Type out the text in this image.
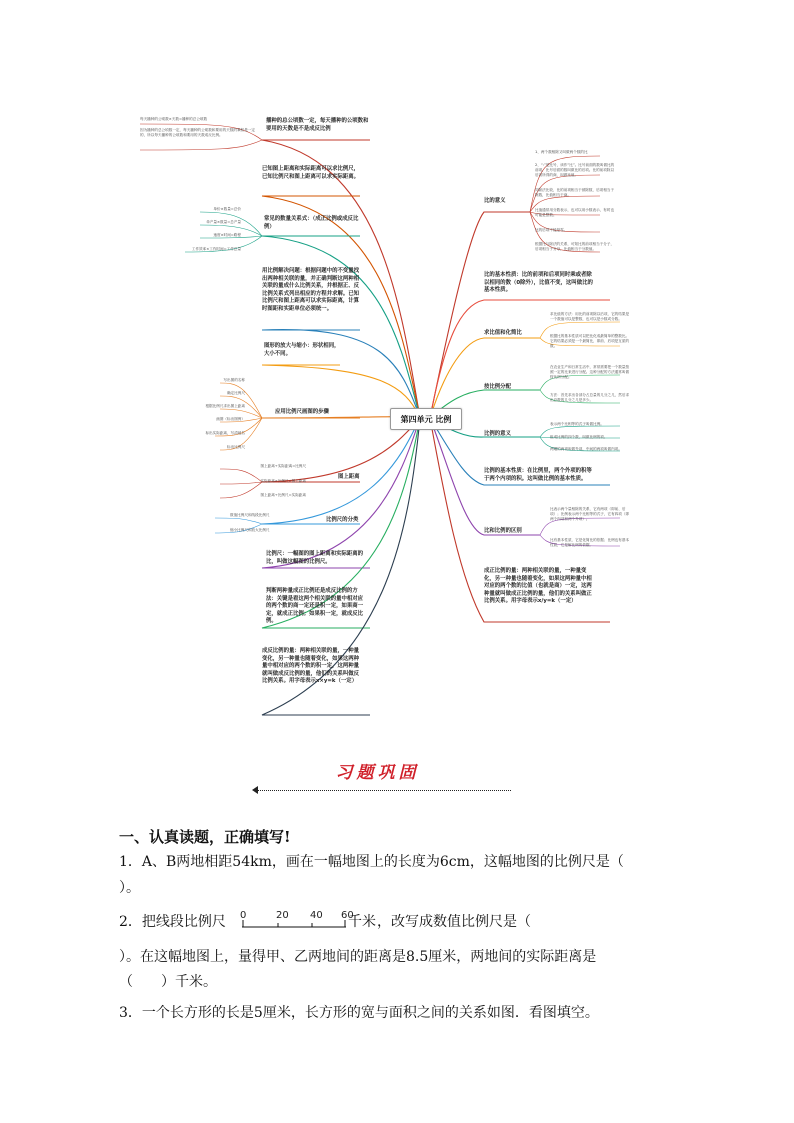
第四单元 比例
播种的总公顷数一定，每天播种的公顷数和要用的天数是不是成反比例
每天播种的公顷数×天数=播种的总公顷数
因为播种的总公顷数一定，每天播种的公顷数和要用的天数的乘积是一定的，所以每天播种的公顷数和要用的天数成反比例。
已知图上距离和实际距离可以求比例尺，已知比例尺和图上距离可以求实际距离。
常见的数量关系式：（成正比例或成反比例）
单价×数量=总价
单产量×数量=总产量
速度×时间=路程
工作效率×工作时间=工作总量
用比例解决问题：根据问题中的不变量找出两种相关联的量，并正确判断这两种相关联的量成什么比例关系，并根据正、反比例关系式列出相应的方程并求解。已知比例尺和图上距离可以求实际距离，计算时图距和实距单位必须统一。
图形的放大与缩小：形状相同，大小不同。
应用比例尺画图的步骤
写出图的名称
确定比例尺
根据比例尺求出图上距离
画图（标出图例）
标出实际距离，写清地名
标出比例尺
图上距离
图上距离÷实际距离=比例尺
实际距离×比例尺=图上距离
图上距离÷比例尺=实际距离
比例尺的分类
数值比例尺和线段比例尺
缩小比例尺和放大比例尺
比例尺：一幅图的图上距离和实际距离的比，叫做这幅图的比例尺。
判断两种量成正比例还是成反比例的方法：关键是看这两个相关联的量中相对应的两个数的商一定还是积一定，如果商一定，就成正比例；如果积一定，就成反比例。
成反比例的量：两种相关联的量，一种量变化，另一种量也随着变化，如果这两种量中相对应的两个数的积一定，这两种量就叫做成反比例的量，他们的关系叫做反比例关系。用字母表示x×y=k（一定）
比的意义
1、两个数相除又叫做两个数的比
2、“:”是比号，读作“比”。比号前面的数叫做比的前项，比号后面的数叫做比的后项。比的前项除以后项所得的商，叫做比值。
同除法比较，比的前项相当于被除数，后项相当于除数，比值相当于商。
比值通常用分数表示，也可以用小数表示，有时也可能是整数。
比的后项不能是零。
根据比与除法的关系，可知比的前项相当于分子，后项相当于分母，比值相当于分数值。
比的基本性质：比的前项和后项同时乘或者除以相同的数（0除外），比值不变，这叫做比的基本性质。
求比值和化简比
求比值的方法：用比的前项除以后项，它的结果是一个数值可以是整数，也可以是小数或分数。
根据比的基本性质可以把比化成最简单的整数比。它的结果必须是一个最简比，即前、后项是互质的数。
按比例分配
在农业生产和日常生活中，常常需要把一个数量按照一定的比来进行分配。这种分配的方法通常叫做按比例分配。
方法：首先求出各部分占总量的几分之几，然后求出总数的几分之几是多少。
比例的意义
表示两个比相等的式子叫做比例。
组成比例的四个数，叫做比例的项。
两端的两项叫做外项，中间的两项叫做内项。
比例的基本性质：在比例里，两个外项的积等于两个内项的积。这叫做比例的基本性质。
比和比例的区别
比表示两个量相除的关系，它有两项（即前、后项）；比例表示两个比相等的式子，它有四项（即两个内项和两个外项）。
比有基本性质，它是化简比的依据；比例也有基本性质，它是解比例的依据。
成正比例的量：两种相关联的量，一种量变化，另一种量也随着变化，如果这两种量中相对应的两个数的比值（也就是商）一定，这两种量就叫做成正比例的量，他们的关系叫做正比例关系。用字母表示x/y=k（一定）
习题巩固
一、认真读题，正确填写!
1．A、B两地相距54km，画在一幅地图上的长度为6cm，这幅地图的比例尺是（
）。
2．把线段比例尺 0	20 40 60
千米 ，改写成数值比例尺是（
）。在这幅地图上，量得甲、乙两地间的距离是8.5厘米，两地间的实际距离是
（　　）千米。
3．一个长方形的长是5厘米，长方形的宽与面积之间的关系如图．看图填空。
